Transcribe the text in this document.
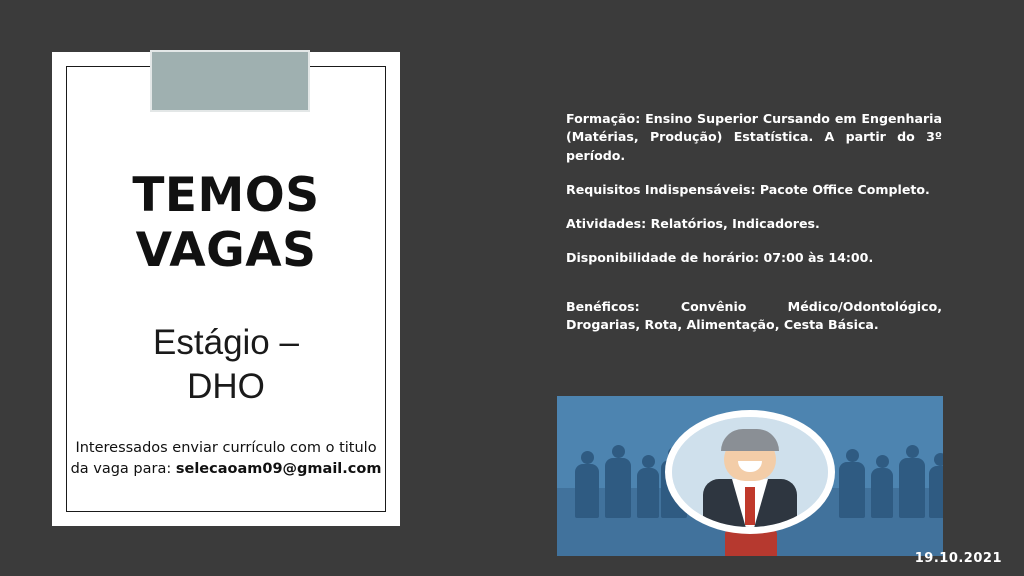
TEMOS
VAGAS
Estágio –
DHO
Interessados enviar currículo com o titulo
da vaga para: selecaoam09@gmail.com

Formação: Ensino Superior Cursando em Engenharia (Matérias, Produção) Estatística. A partir do 3º período.

Requisitos Indispensáveis: Pacote Office Completo.

Atividades: Relatórios, Indicadores.

Disponibilidade de horário: 07:00 às 14:00.

Benéficos: Convênio Médico/Odontológico, Drogarias, Rota, Alimentação, Cesta Básica.

19.10.2021
